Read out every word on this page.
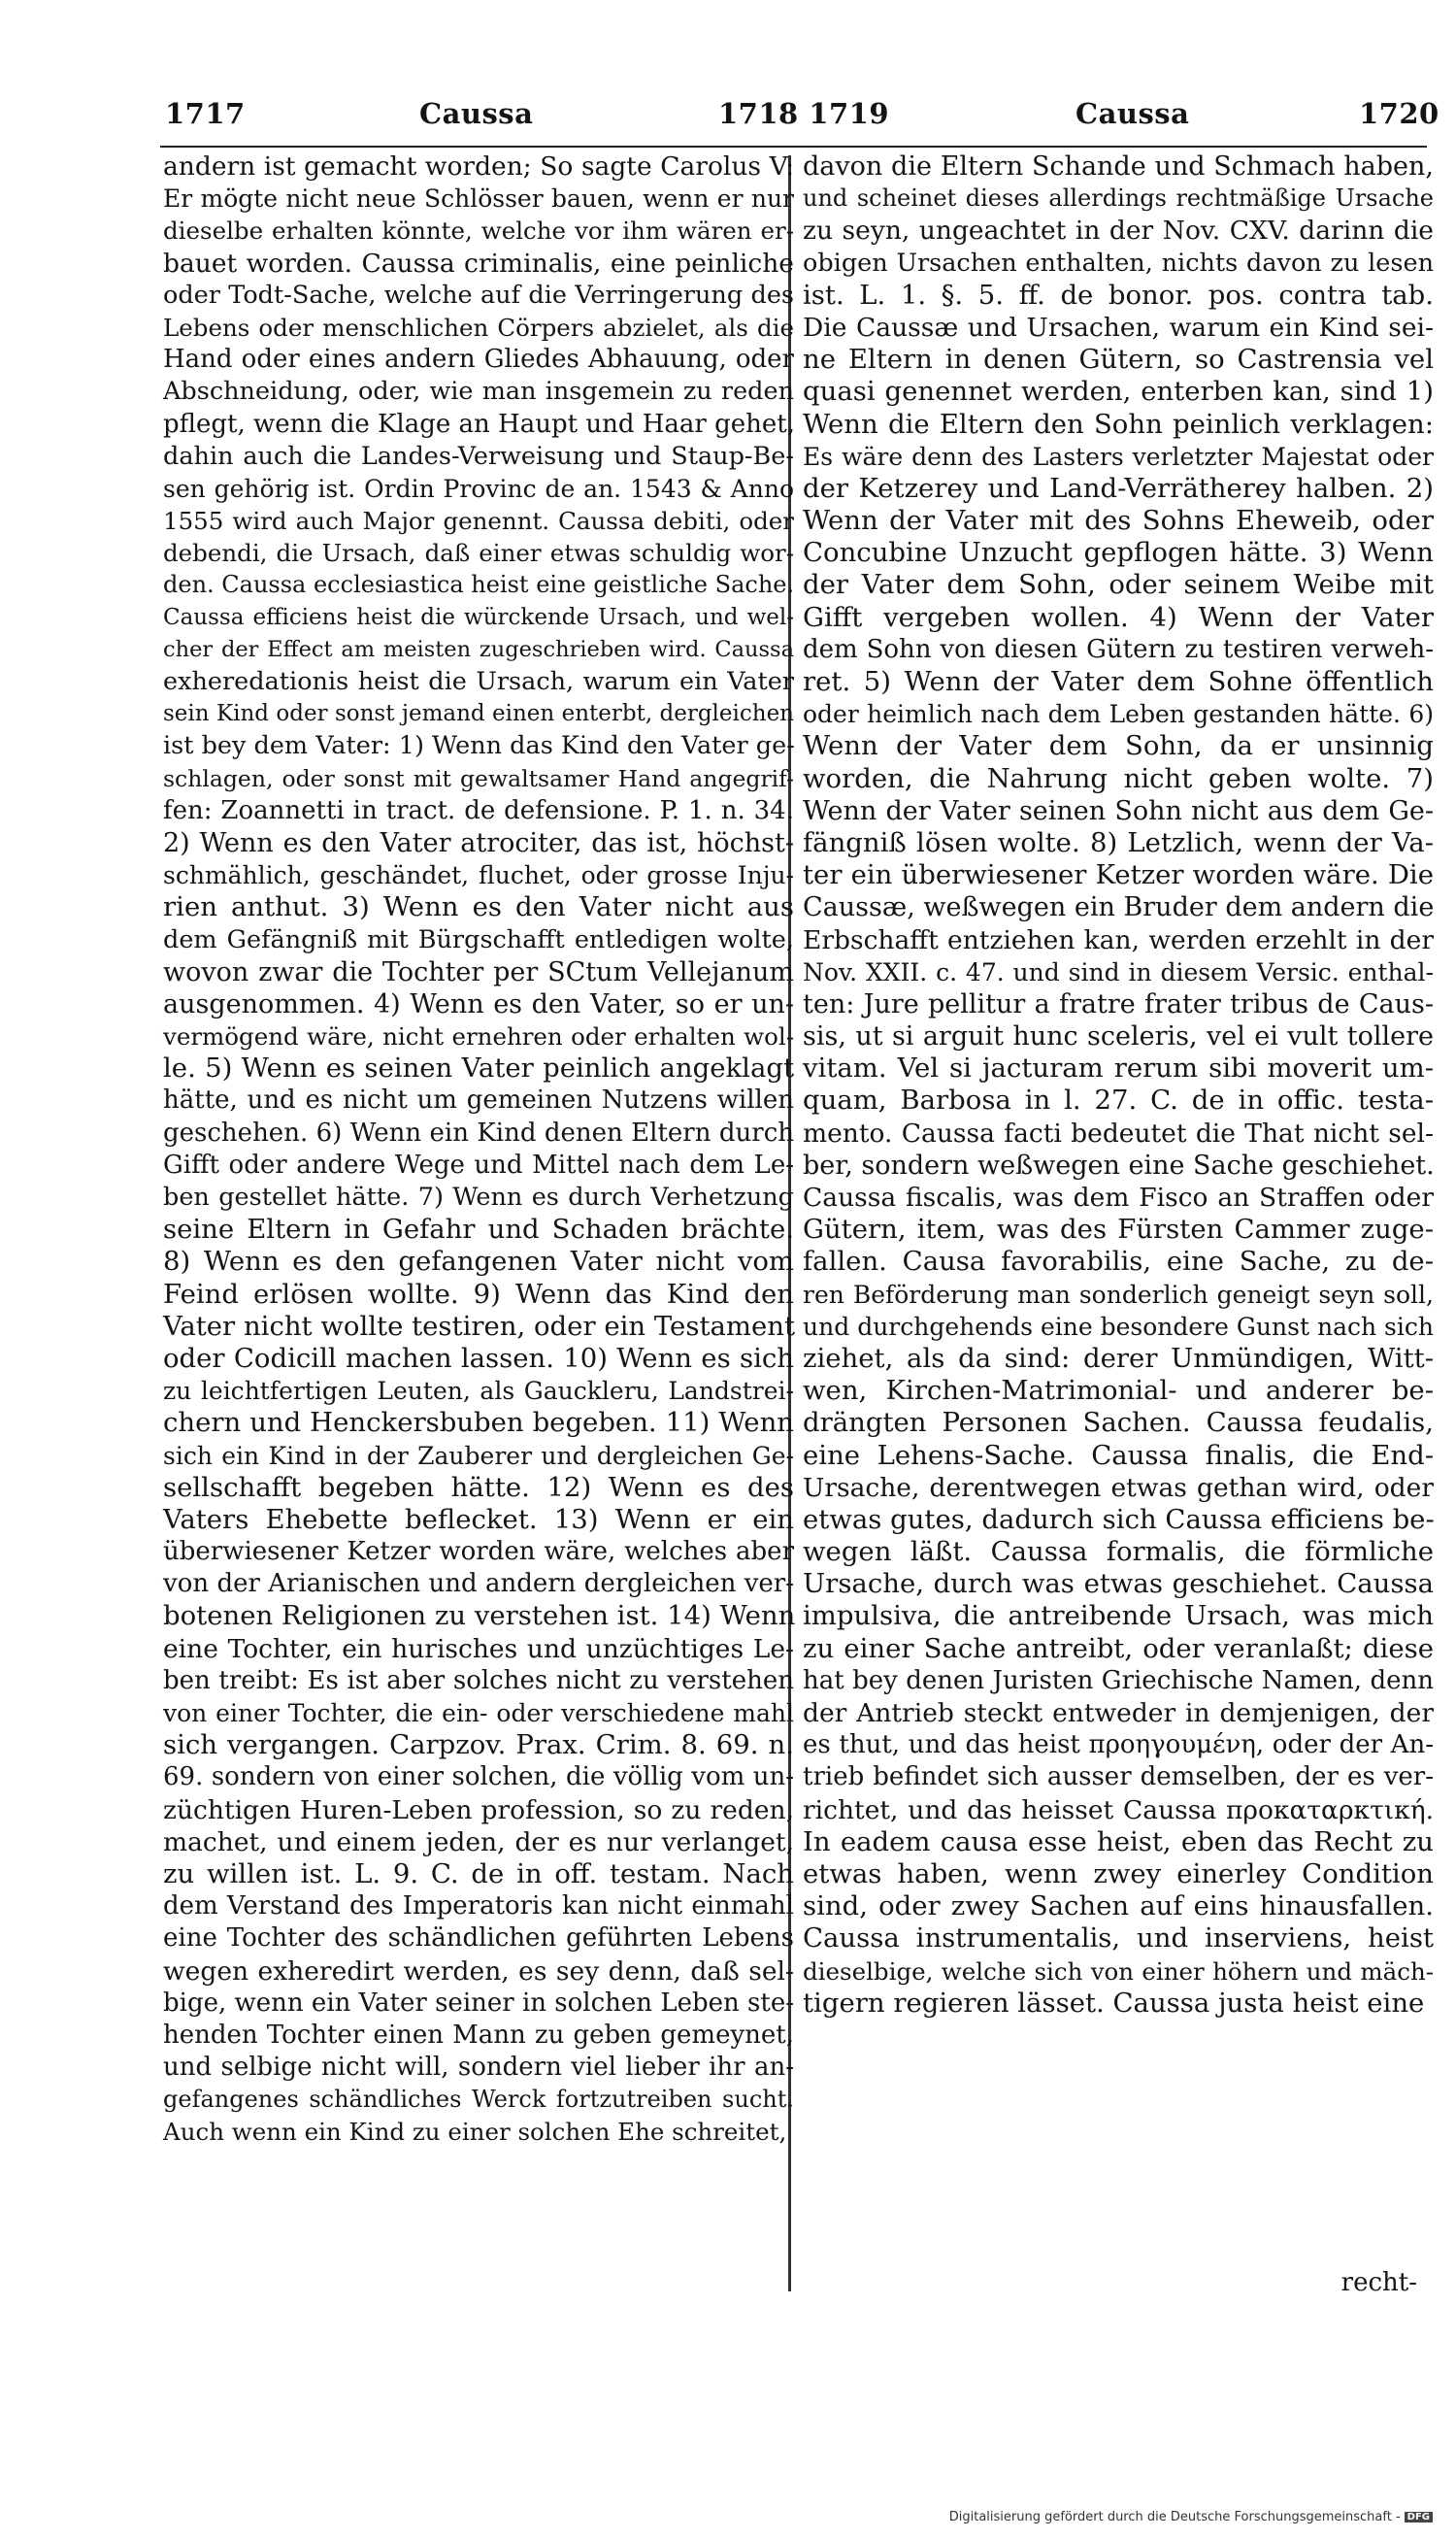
1717	Caussa	1718 1719	Caussa	1720
andern ist gemacht worden; So sagte Carolus V:
Er mögte nicht neue Schlösser bauen, wenn er nur
dieselbe erhalten könnte, welche vor ihm wären er-
bauet worden. Caussa criminalis, eine peinliche
oder Todt-Sache, welche auf die Verringerung des
Lebens oder menschlichen Cörpers abzielet, als die
Hand oder eines andern Gliedes Abhauung, oder
Abschneidung, oder, wie man insgemein zu reden
pflegt, wenn die Klage an Haupt und Haar gehet,
dahin auch die Landes-Verweisung und Staup-Be-
sen gehörig ist. Ordin Provinc de an. 1543 & Anno
1555 wird auch Major genennt. Caussa debiti, oder
debendi, die Ursach, daß einer etwas schuldig wor-
den. Caussa ecclesiastica heist eine geistliche Sache.
Caussa efficiens heist die würckende Ursach, und wel-
cher der Effect am meisten zugeschrieben wird. Caussa
exheredationis heist die Ursach, warum ein Vater
sein Kind oder sonst jemand einen enterbt, dergleichen
ist bey dem Vater: 1) Wenn das Kind den Vater ge-
schlagen, oder sonst mit gewaltsamer Hand angegrif-
fen: Zoannetti in tract. de defensione. P. 1. n. 34.
2) Wenn es den Vater atrociter, das ist, höchst-
schmählich, geschändet, fluchet, oder grosse Inju-
rien anthut. 3) Wenn es den Vater nicht aus
dem Gefängniß mit Bürgschafft entledigen wolte,
wovon zwar die Tochter per SCtum Vellejanum
ausgenommen. 4) Wenn es den Vater, so er un-
vermögend wäre, nicht ernehren oder erhalten wol-
le. 5) Wenn es seinen Vater peinlich angeklagt
hätte, und es nicht um gemeinen Nutzens willen
geschehen. 6) Wenn ein Kind denen Eltern durch
Gifft oder andere Wege und Mittel nach dem Le-
ben gestellet hätte. 7) Wenn es durch Verhetzung
seine Eltern in Gefahr und Schaden brächte.
8) Wenn es den gefangenen Vater nicht vom
Feind erlösen wollte. 9) Wenn das Kind den
Vater nicht wollte testiren, oder ein Testament
oder Codicill machen lassen. 10) Wenn es sich
zu leichtfertigen Leuten, als Gauckleru, Landstrei-
chern und Henckersbuben begeben. 11) Wenn
sich ein Kind in der Zauberer und dergleichen Ge-
sellschafft begeben hätte. 12) Wenn es des
Vaters Ehebette beflecket. 13) Wenn er ein
überwiesener Ketzer worden wäre, welches aber
von der Arianischen und andern dergleichen ver-
botenen Religionen zu verstehen ist. 14) Wenn
eine Tochter, ein hurisches und unzüchtiges Le-
ben treibt: Es ist aber solches nicht zu verstehen
von einer Tochter, die ein- oder verschiedene mahl
sich vergangen. Carpzov. Prax. Crim. 8. 69. n.
69. sondern von einer solchen, die völlig vom un-
züchtigen Huren-Leben profession, so zu reden,
machet, und einem jeden, der es nur verlanget,
zu willen ist. L. 9. C. de in off. testam. Nach
dem Verstand des Imperatoris kan nicht einmahl
eine Tochter des schändlichen geführten Lebens
wegen exheredirt werden, es sey denn, daß sel-
bige, wenn ein Vater seiner in solchen Leben ste-
henden Tochter einen Mann zu geben gemeynet,
und selbige nicht will, sondern viel lieber ihr an-
gefangenes schändliches Werck fortzutreiben sucht.
Auch wenn ein Kind zu einer solchen Ehe schreitet,
davon die Eltern Schande und Schmach haben,
und scheinet dieses allerdings rechtmäßige Ursache
zu seyn, ungeachtet in der Nov. CXV. darinn die
obigen Ursachen enthalten, nichts davon zu lesen
ist. L. 1. §. 5. ff. de bonor. pos. contra tab.
Die Caussæ und Ursachen, warum ein Kind sei-
ne Eltern in denen Gütern, so Castrensia vel
quasi genennet werden, enterben kan, sind 1)
Wenn die Eltern den Sohn peinlich verklagen:
Es wäre denn des Lasters verletzter Majestat oder
der Ketzerey und Land-Verrätherey halben. 2)
Wenn der Vater mit des Sohns Eheweib, oder
Concubine Unzucht gepflogen hätte. 3) Wenn
der Vater dem Sohn, oder seinem Weibe mit
Gifft vergeben wollen. 4) Wenn der Vater
dem Sohn von diesen Gütern zu testiren verweh-
ret. 5) Wenn der Vater dem Sohne öffentlich
oder heimlich nach dem Leben gestanden hätte. 6)
Wenn der Vater dem Sohn, da er unsinnig
worden, die Nahrung nicht geben wolte. 7)
Wenn der Vater seinen Sohn nicht aus dem Ge-
fängniß lösen wolte. 8) Letzlich, wenn der Va-
ter ein überwiesener Ketzer worden wäre. Die
Caussæ, weßwegen ein Bruder dem andern die
Erbschafft entziehen kan, werden erzehlt in der
Nov. XXII. c. 47. und sind in diesem Versic. enthal-
ten: Jure pellitur a fratre frater tribus de Caus-
sis, ut si arguit hunc sceleris, vel ei vult tollere
vitam. Vel si jacturam rerum sibi moverit um-
quam, Barbosa in l. 27. C. de in offic. testa-
mento. Caussa facti bedeutet die That nicht sel-
ber, sondern weßwegen eine Sache geschiehet.
Caussa fiscalis, was dem Fisco an Straffen oder
Gütern, item, was des Fürsten Cammer zuge-
fallen. Causa favorabilis, eine Sache, zu de-
ren Beförderung man sonderlich geneigt seyn soll,
und durchgehends eine besondere Gunst nach sich
ziehet, als da sind: derer Unmündigen, Witt-
wen, Kirchen-Matrimonial- und anderer be-
drängten Personen Sachen. Caussa feudalis,
eine Lehens-Sache. Caussa finalis, die End-
Ursache, derentwegen etwas gethan wird, oder
etwas gutes, dadurch sich Caussa efficiens be-
wegen läßt. Caussa formalis, die förmliche
Ursache, durch was etwas geschiehet. Caussa
impulsiva, die antreibende Ursach, was mich
zu einer Sache antreibt, oder veranlaßt; diese
hat bey denen Juristen Griechische Namen, denn
der Antrieb steckt entweder in demjenigen, der
es thut, und das heist προηγουμένη, oder der An-
trieb befindet sich ausser demselben, der es ver-
richtet, und das heisset Caussa προκαταρκτική.
In eadem causa esse heist, eben das Recht zu
etwas haben, wenn zwey einerley Condition
sind, oder zwey Sachen auf eins hinausfallen.
Caussa instrumentalis, und inserviens, heist
dieselbige, welche sich von einer höhern und mäch-
tigern regieren lässet. Caussa justa heist eine
recht-
Digitalisierung gefördert durch die Deutsche Forschungsgemeinschaft - DFG
